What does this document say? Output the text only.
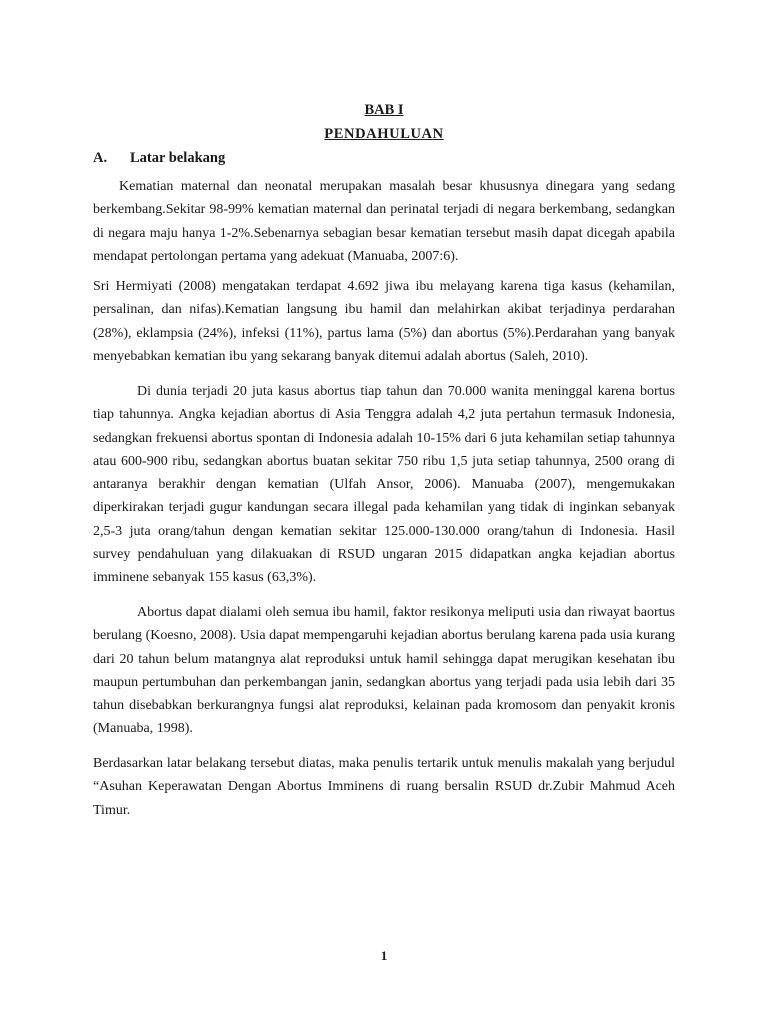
BAB I
PENDAHULUAN
A. Latar belakang

Kematian maternal dan neonatal merupakan masalah besar khususnya dinegara yang sedang berkembang.Sekitar 98-99% kematian maternal dan perinatal terjadi di negara berkembang, sedangkan di negara maju hanya 1-2%.Sebenarnya sebagian besar kematian tersebut masih dapat dicegah apabila mendapat pertolongan pertama yang adekuat (Manuaba, 2007:6).

Sri Hermiyati (2008) mengatakan terdapat 4.692 jiwa ibu melayang karena tiga kasus (kehamilan, persalinan, dan nifas).Kematian langsung ibu hamil dan melahirkan akibat terjadinya perdarahan (28%), eklampsia (24%), infeksi (11%), partus lama (5%) dan abortus (5%).Perdarahan yang banyak menyebabkan kematian ibu yang sekarang banyak ditemui adalah abortus (Saleh, 2010).

Di dunia terjadi 20 juta kasus abortus tiap tahun dan 70.000 wanita meninggal karena bortus tiap tahunnya. Angka kejadian abortus di Asia Tenggra adalah 4,2 juta pertahun termasuk Indonesia, sedangkan frekuensi abortus spontan di Indonesia adalah 10-15% dari 6 juta kehamilan setiap tahunnya atau 600-900 ribu, sedangkan abortus buatan sekitar 750 ribu 1,5 juta setiap tahunnya, 2500 orang di antaranya berakhir dengan kematian (Ulfah Ansor, 2006). Manuaba (2007), mengemukakan diperkirakan terjadi gugur kandungan secara illegal pada kehamilan yang tidak di inginkan sebanyak 2,5-3 juta orang/tahun dengan kematian sekitar 125.000-130.000 orang/tahun di Indonesia. Hasil survey pendahuluan yang dilakuakan di RSUD ungaran 2015 didapatkan angka kejadian abortus imminene sebanyak 155 kasus (63,3%).

Abortus dapat dialami oleh semua ibu hamil, faktor resikonya meliputi usia dan riwayat baortus berulang (Koesno, 2008). Usia dapat mempengaruhi kejadian abortus berulang karena pada usia kurang dari 20 tahun belum matangnya alat reproduksi untuk hamil sehingga dapat merugikan kesehatan ibu maupun pertumbuhan dan perkembangan janin, sedangkan abortus yang terjadi pada usia lebih dari 35 tahun disebabkan berkurangnya fungsi alat reproduksi, kelainan pada kromosom dan penyakit kronis (Manuaba, 1998).

Berdasarkan latar belakang tersebut diatas, maka penulis tertarik untuk menulis makalah yang berjudul “Asuhan Keperawatan Dengan Abortus Imminens di ruang bersalin RSUD dr.Zubir Mahmud Aceh Timur.

1
